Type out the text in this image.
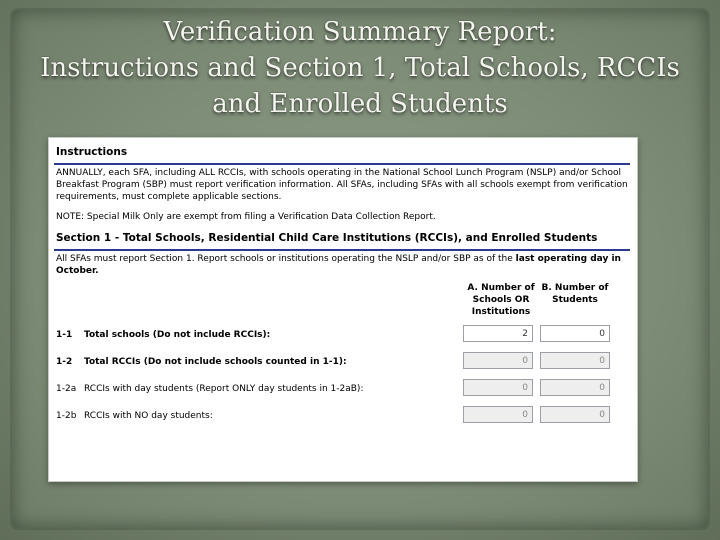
Verification Summary Report:
Instructions and Section 1, Total Schools, RCCIs
and Enrolled Students
Instructions
ANNUALLY, each SFA, including ALL RCCIs, with schools operating in the National School Lunch Program (NSLP) and/or School Breakfast Program (SBP) must report verification information. All SFAs, including SFAs with all schools exempt from verification requirements, must complete applicable sections.
NOTE: Special Milk Only are exempt from filing a Verification Data Collection Report.
Section 1 - Total Schools, Residential Child Care Institutions (RCCIs), and Enrolled Students
All SFAs must report Section 1. Report schools or institutions operating the NSLP and/or SBP as of the last operating day in October.
A. Number of
Schools OR
Institutions
B. Number of
Students
1-1 Total schools (Do not include RCCIs):	2	0
1-2 Total RCCIs (Do not include schools counted in 1-1):	0	0
1-2a RCCIs with day students (Report ONLY day students in 1-2aB):	0	0
1-2b RCCIs with NO day students:	0	0
